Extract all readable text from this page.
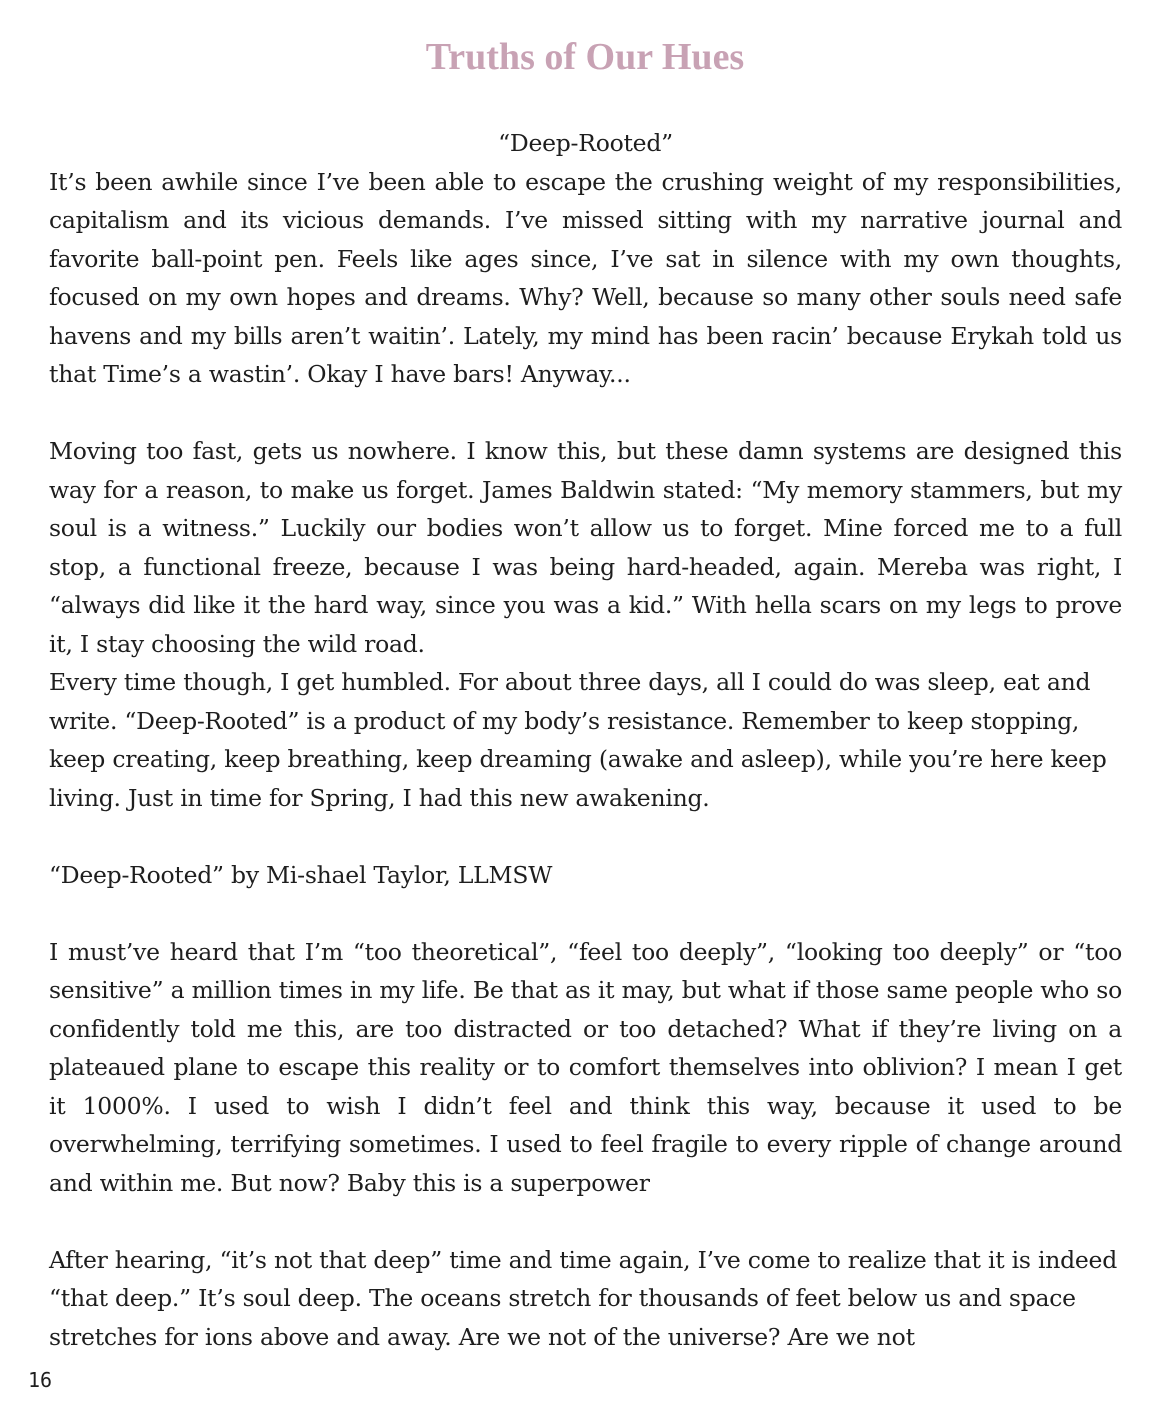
Truths of Our Hues

“Deep-Rooted”

It’s been awhile since I’ve been able to escape the crushing weight of my responsibilities, capitalism and its vicious demands. I’ve missed sitting with my narrative journal and favorite ball-point pen. Feels like ages since, I’ve sat in silence with my own thoughts, focused on my own hopes and dreams. Why? Well, because so many other souls need safe havens and my bills aren’t waitin’. Lately, my mind has been racin’ because Erykah told us that Time’s a wastin’. Okay I have bars! Anyway...

Moving too fast, gets us nowhere. I know this, but these damn systems are designed this way for a reason, to make us forget. James Baldwin stated: “My memory stammers, but my soul is a witness.” Luckily our bodies won’t allow us to forget. Mine forced me to a full stop, a functional freeze, because I was being hard-headed, again. Mereba was right, I “always did like it the hard way, since you was a kid.” With hella scars on my legs to prove it, I stay choosing the wild road.

Every time though, I get humbled. For about three days, all I could do was sleep, eat and write. “Deep-Rooted” is a product of my body’s resistance. Remember to keep stopping, keep creating, keep breathing, keep dreaming (awake and asleep), while you’re here keep living. Just in time for Spring, I had this new awakening.

“Deep-Rooted” by Mi-shael Taylor, LLMSW

I must’ve heard that I’m “too theoretical”, “feel too deeply”, “looking too deeply” or “too sensitive” a million times in my life. Be that as it may, but what if those same people who so confidently told me this, are too distracted or too detached? What if they’re living on a plateaued plane to escape this reality or to comfort themselves into oblivion? I mean I get it 1000%. I used to wish I didn’t feel and think this way, because it used to be overwhelming, terrifying sometimes. I used to feel fragile to every ripple of change around and within me. But now? Baby this is a superpower

After hearing, “it’s not that deep” time and time again, I’ve come to realize that it is indeed “that deep.” It’s soul deep. The oceans stretch for thousands of feet below us and space stretches for ions above and away. Are we not of the universe? Are we not

16
